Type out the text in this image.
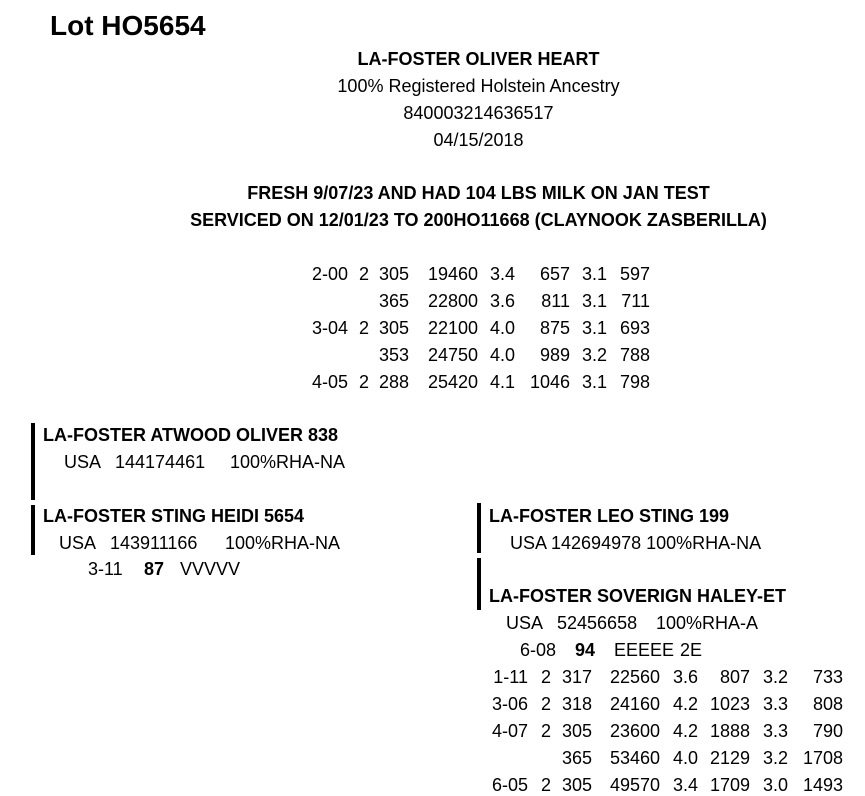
Lot HO5654
LA-FOSTER OLIVER HEART
100% Registered Holstein Ancestry
840003214636517
04/15/2018
FRESH 9/07/23 AND HAD 104 LBS MILK ON JAN TEST
SERVICED ON 12/01/23 TO 200HO11668 (CLAYNOOK ZASBERILLA)
2-00 2 305 19460 3.4 657 3.1 597
365 22800 3.6 811 3.1 711
3-04 2 305 22100 4.0 875 3.1 693
353 24750 4.0 989 3.2 788
4-05 2 288 25420 4.1 1046 3.1 798
LA-FOSTER ATWOOD OLIVER 838
USA 144174461 100%RHA-NA
LA-FOSTER STING HEIDI 5654
USA 143911166 100%RHA-NA
3-11 87 VVVVV
LA-FOSTER LEO STING 199
USA 142694978 100%RHA-NA
LA-FOSTER SOVERIGN HALEY-ET
USA 52456658 100%RHA-A
6-08 94 EEEEE 2E
1-11 2 317 22560 3.6 807 3.2 733
3-06 2 318 24160 4.2 1023 3.3 808
4-07 2 305 23600 4.2 1888 3.3 790
365 53460 4.0 2129 3.2 1708
6-05 2 305 49570 3.4 1709 3.0 1493
